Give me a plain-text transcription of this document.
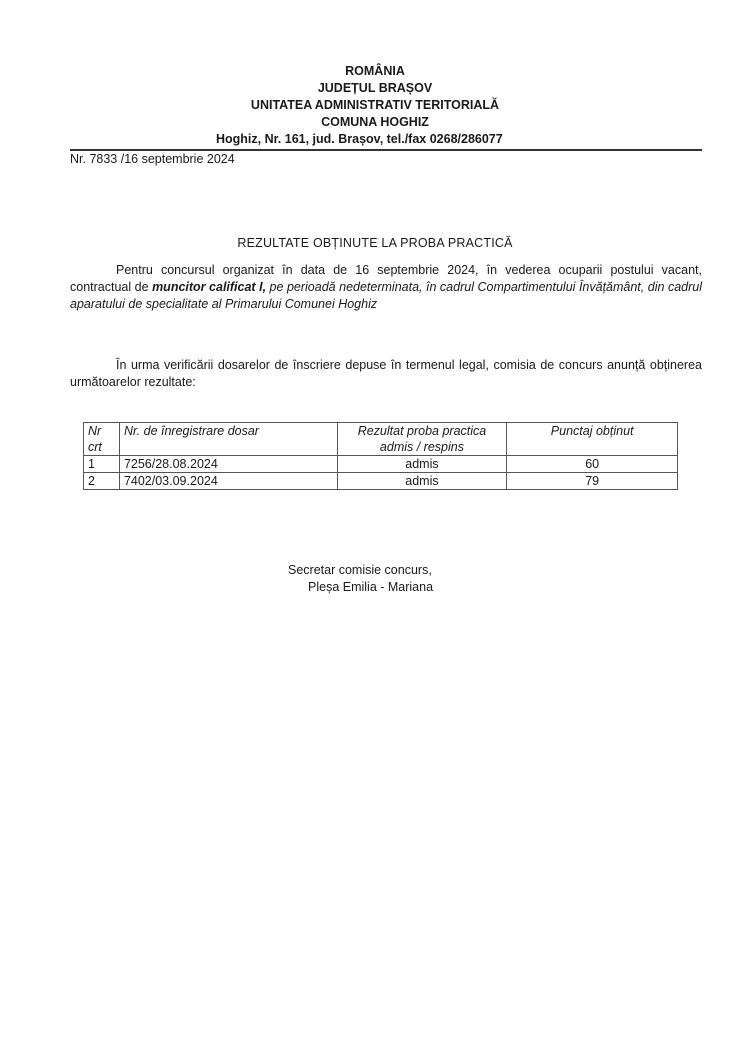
ROMÂNIA
JUDEȚUL BRAȘOV
UNITATEA ADMINISTRATIV TERITORIALĂ
COMUNA HOGHIZ
Hoghiz, Nr. 161, jud. Brașov, tel./fax 0268/286077
Nr. 7833 /16 septembrie 2024
REZULTATE OBȚINUTE LA PROBA PRACTICĂ
Pentru concursul organizat în data de 16 septembrie 2024, în vederea ocuparii postului vacant, contractual de muncitor calificat I, pe perioadă nedeterminata, în cadrul Compartimentului Învățământ, din cadrul aparatului de specialitate al Primarului Comunei Hoghiz
În urma verificării dosarelor de înscriere depuse în termenul legal, comisia de concurs anunță obținerea următoarelor rezultate:
Nr crt	Nr. de înregistrare dosar	Rezultat proba practica admis / respins	Punctaj obținut
1	7256/28.08.2024	admis	60
2	7402/03.09.2024	admis	79
Secretar comisie concurs,
Pleșa Emilia - Mariana
